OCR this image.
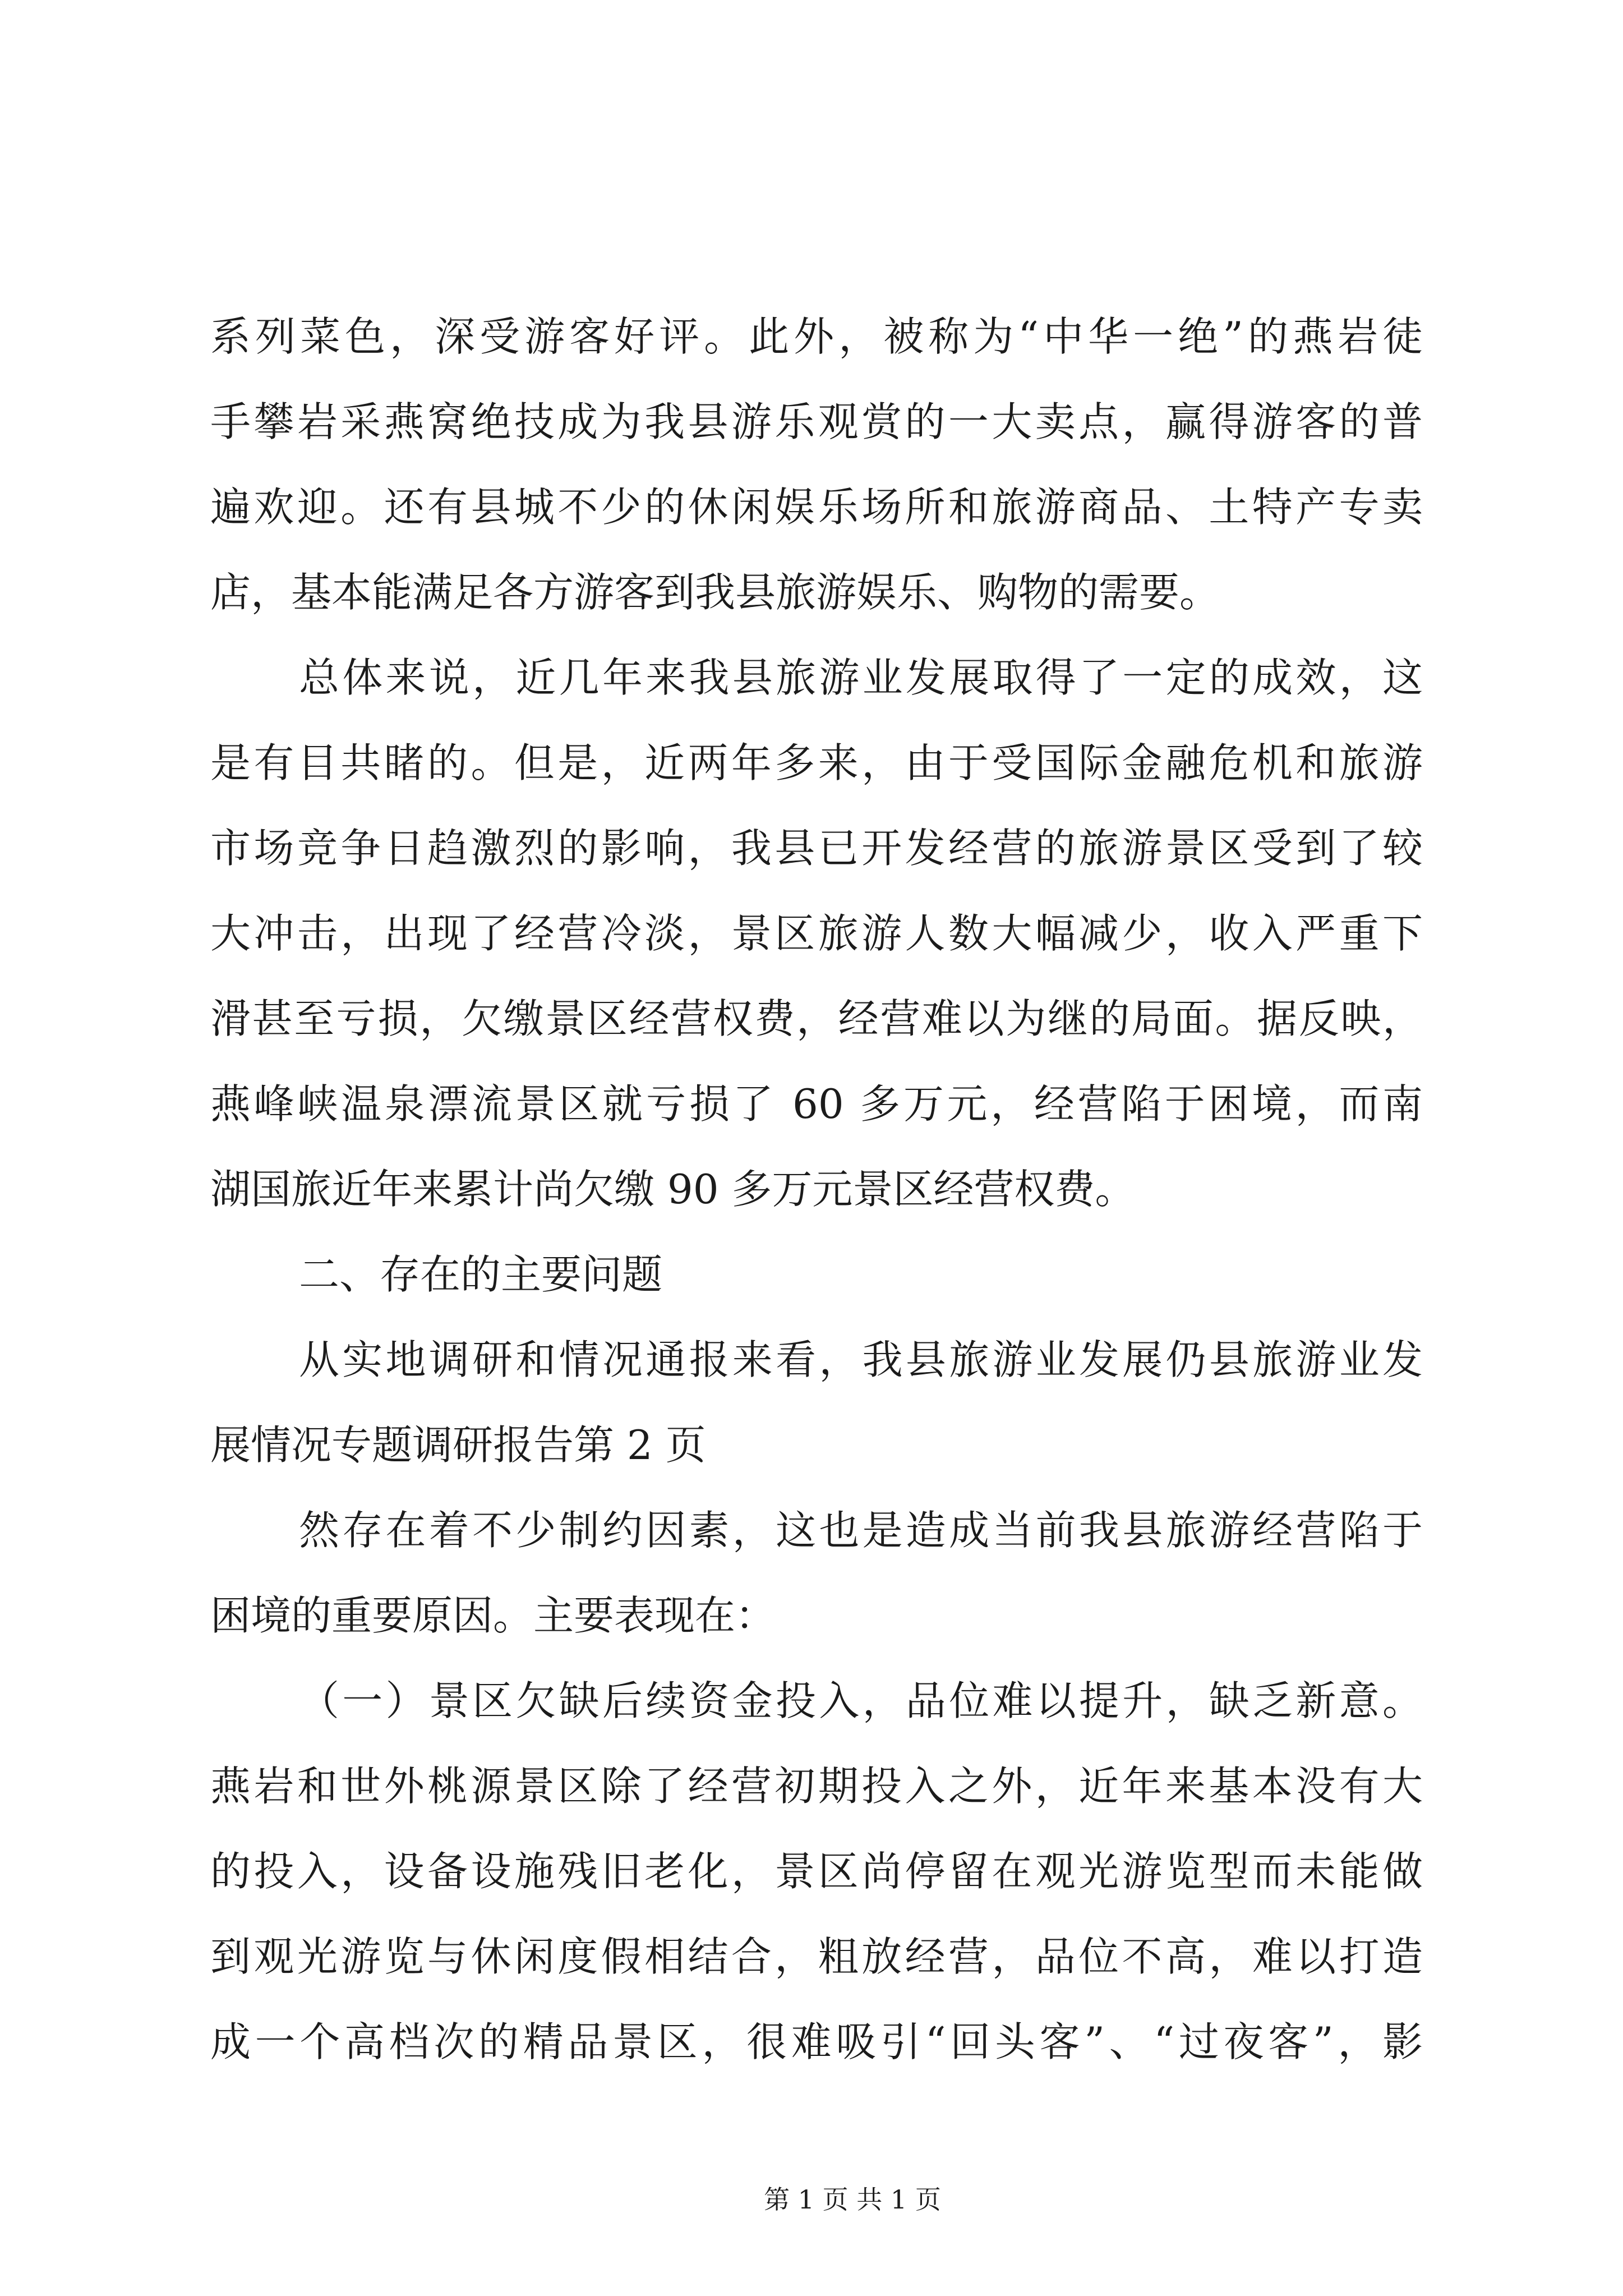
系列菜色，深受游客好评。此外，被称为“中华一绝”的燕岩徒
手攀岩采燕窝绝技成为我县游乐观赏的一大卖点，赢得游客的普
遍欢迎。还有县城不少的休闲娱乐场所和旅游商品、土特产专卖
店，基本能满足各方游客到我县旅游娱乐、购物的需要。
总体来说，近几年来我县旅游业发展取得了一定的成效，这
是有目共睹的。但是，近两年多来，由于受国际金融危机和旅游
市场竞争日趋激烈的影响，我县已开发经营的旅游景区受到了较
大冲击，出现了经营冷淡，景区旅游人数大幅减少，收入严重下
滑甚至亏损，欠缴景区经营权费，经营难以为继的局面。据反映，
燕峰峡温泉漂流景区就亏损了 60 多万元，经营陷于困境，而南
湖国旅近年来累计尚欠缴 90 多万元景区经营权费。
二、存在的主要问题
从实地调研和情况通报来看，我县旅游业发展仍县旅游业发
展情况专题调研报告第 2 页
然存在着不少制约因素，这也是造成当前我县旅游经营陷于
困境的重要原因。主要表现在：
（一）景区欠缺后续资金投入，品位难以提升，缺乏新意。
燕岩和世外桃源景区除了经营初期投入之外，近年来基本没有大
的投入，设备设施残旧老化，景区尚停留在观光游览型而未能做
到观光游览与休闲度假相结合，粗放经营，品位不高，难以打造
成一个高档次的精品景区，很难吸引“回头客”、“过夜客”，影
第 1 页 共 1 页
